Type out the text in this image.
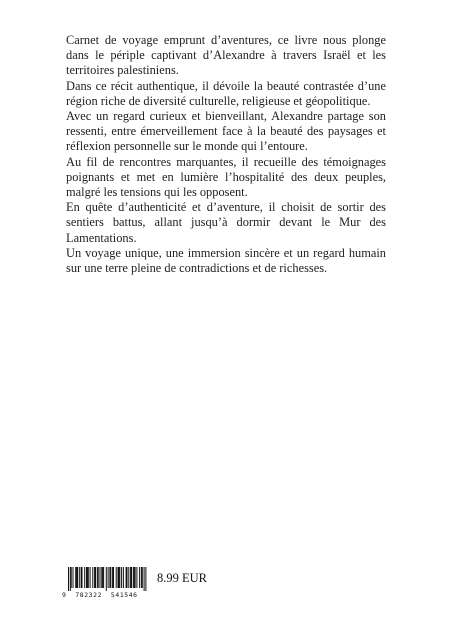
Carnet de voyage emprunt d’aventures, ce livre nous plonge dans le périple captivant d’Alexandre à travers Israël et les territoires palestiniens.

Dans ce récit authentique, il dévoile la beauté contrastée d’une région riche de diversité culturelle, religieuse et géopolitique.

Avec un regard curieux et bienveillant, Alexandre partage son ressenti, entre émerveillement face à la beauté des paysages et réflexion personnelle sur le monde qui l’entoure.

Au fil de rencontres marquantes, il recueille des témoignages poignants et met en lumière l’hospitalité des deux peuples, malgré les tensions qui les opposent.

En quête d’authenticité et d’aventure, il choisit de sortir des sentiers battus, allant jusqu’à dormir devant le Mur des Lamentations.

Un voyage unique, une immersion sincère et un regard humain sur une terre pleine de contradictions et de richesses.

9  782322  541546
8.99 EUR
